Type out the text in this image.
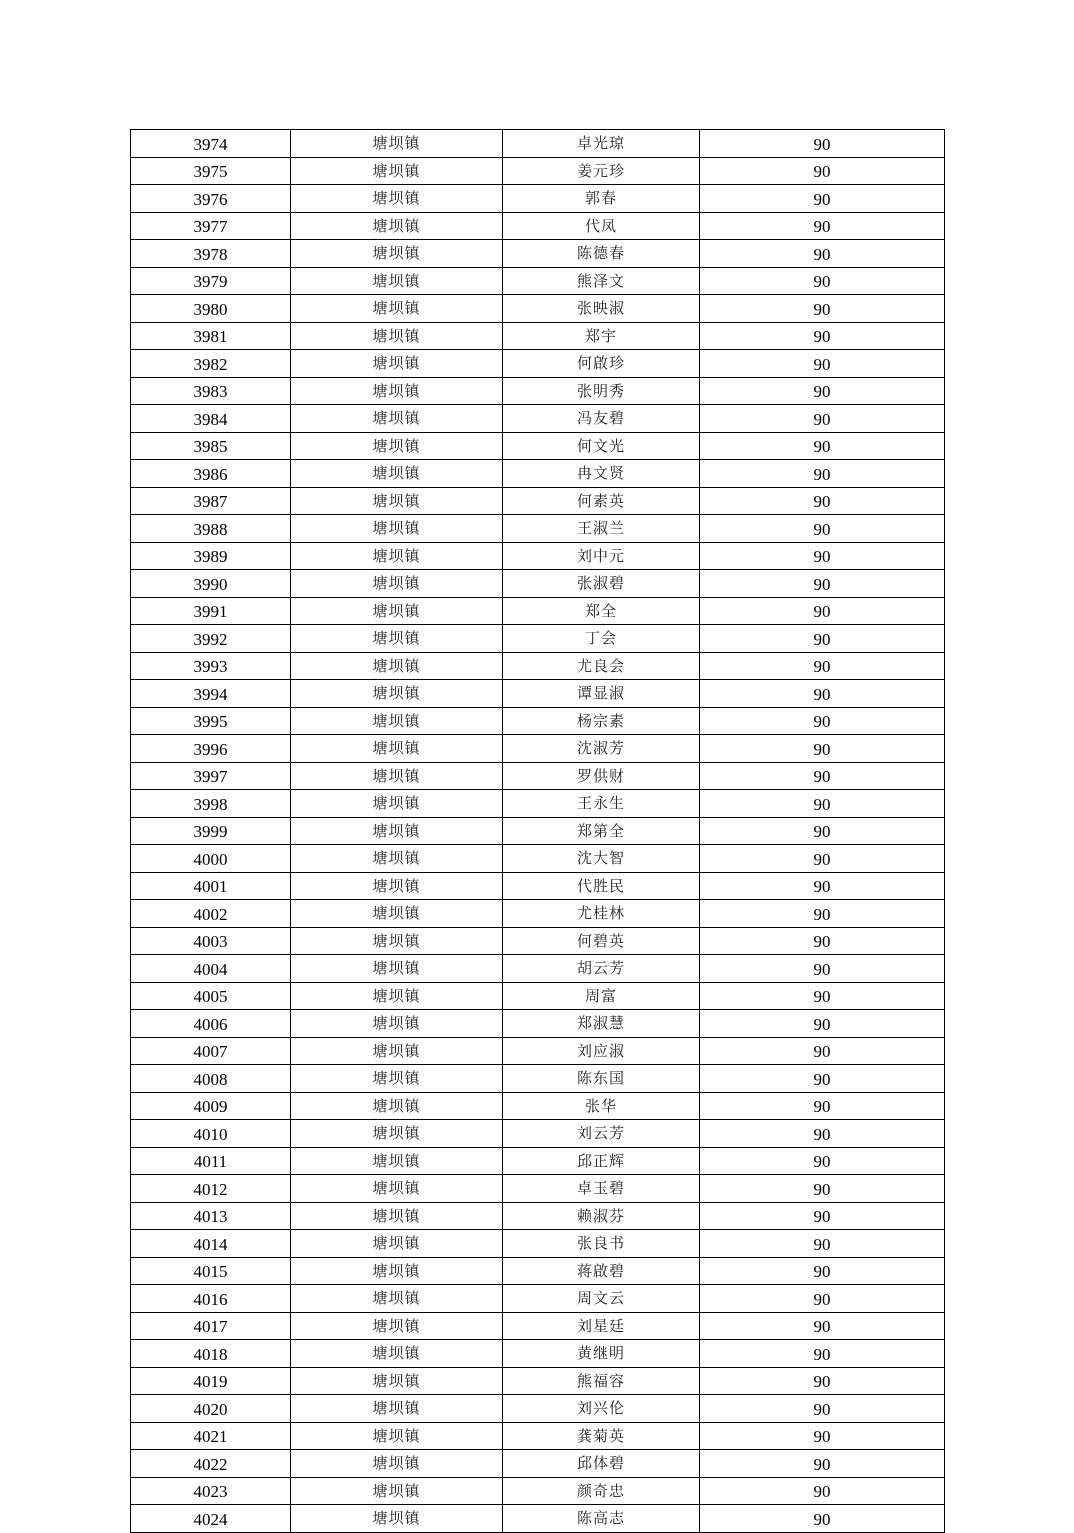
3974	塘坝镇	卓光琼	90
3975	塘坝镇	姜元珍	90
3976	塘坝镇	郭春	90
3977	塘坝镇	代凤	90
3978	塘坝镇	陈德春	90
3979	塘坝镇	熊泽文	90
3980	塘坝镇	张映淑	90
3981	塘坝镇	郑宇	90
3982	塘坝镇	何啟珍	90
3983	塘坝镇	张明秀	90
3984	塘坝镇	冯友碧	90
3985	塘坝镇	何文光	90
3986	塘坝镇	冉文贤	90
3987	塘坝镇	何素英	90
3988	塘坝镇	王淑兰	90
3989	塘坝镇	刘中元	90
3990	塘坝镇	张淑碧	90
3991	塘坝镇	郑全	90
3992	塘坝镇	丁会	90
3993	塘坝镇	尤良会	90
3994	塘坝镇	谭显淑	90
3995	塘坝镇	杨宗素	90
3996	塘坝镇	沈淑芳	90
3997	塘坝镇	罗供财	90
3998	塘坝镇	王永生	90
3999	塘坝镇	郑第全	90
4000	塘坝镇	沈大智	90
4001	塘坝镇	代胜民	90
4002	塘坝镇	尤桂林	90
4003	塘坝镇	何碧英	90
4004	塘坝镇	胡云芳	90
4005	塘坝镇	周富	90
4006	塘坝镇	郑淑慧	90
4007	塘坝镇	刘应淑	90
4008	塘坝镇	陈东国	90
4009	塘坝镇	张华	90
4010	塘坝镇	刘云芳	90
4011	塘坝镇	邱正辉	90
4012	塘坝镇	卓玉碧	90
4013	塘坝镇	赖淑芬	90
4014	塘坝镇	张良书	90
4015	塘坝镇	蒋啟碧	90
4016	塘坝镇	周文云	90
4017	塘坝镇	刘星廷	90
4018	塘坝镇	黄继明	90
4019	塘坝镇	熊福容	90
4020	塘坝镇	刘兴伦	90
4021	塘坝镇	龚菊英	90
4022	塘坝镇	邱体碧	90
4023	塘坝镇	颜奇忠	90
4024	塘坝镇	陈高志	90
